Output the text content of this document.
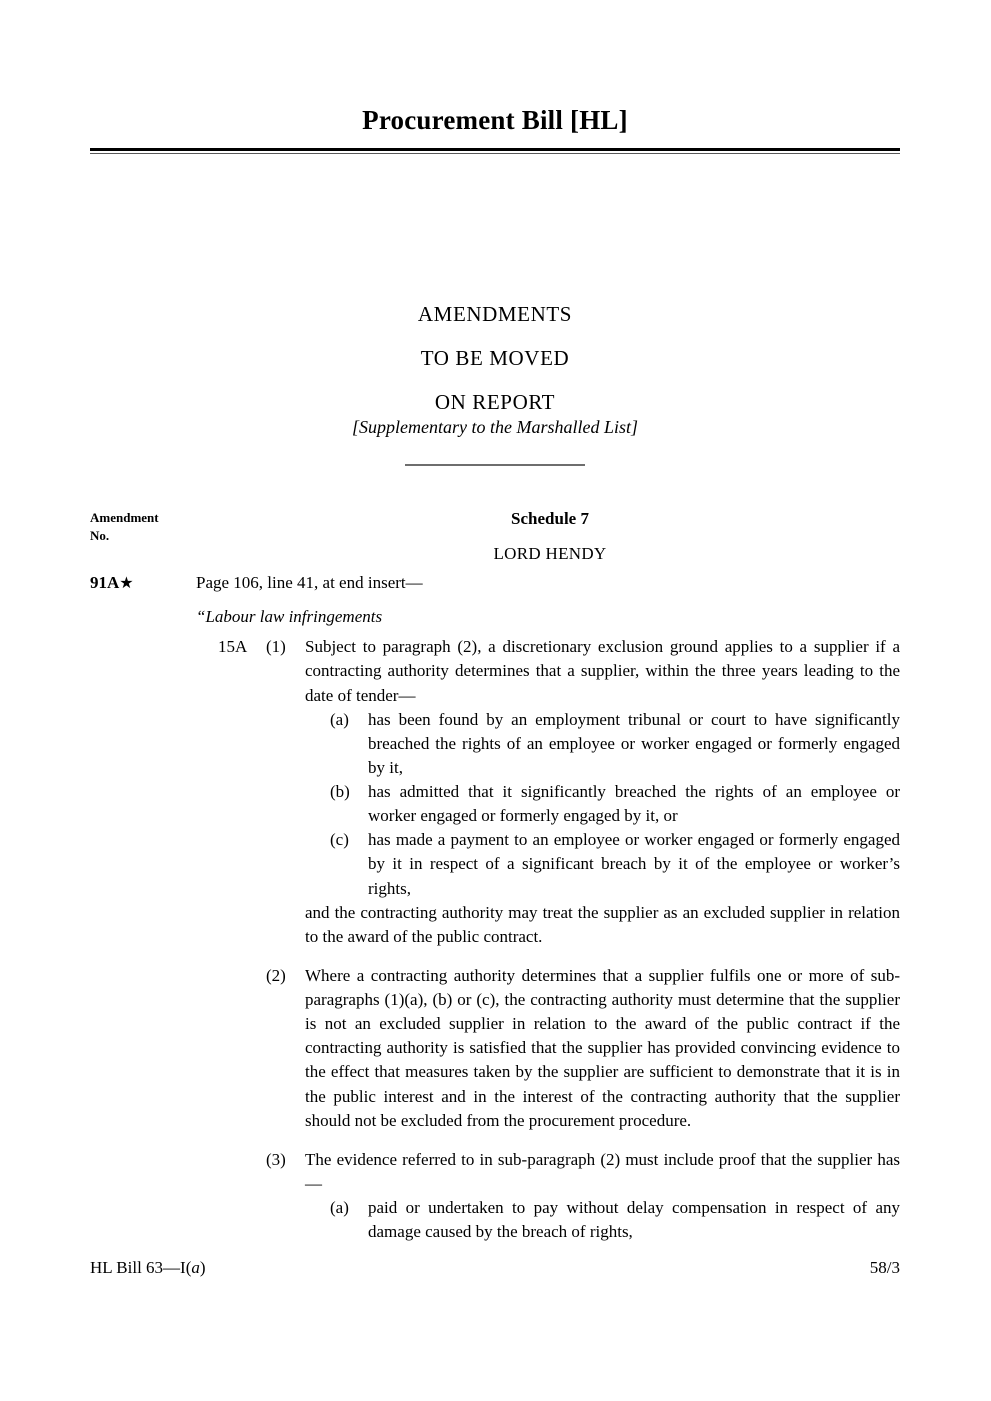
Procurement Bill [HL]
AMENDMENTS
TO BE MOVED
ON REPORT
[Supplementary to the Marshalled List]
Amendment
No.
Schedule 7
LORD HENDY
91A★	Page 106, line 41, at end insert—
“Labour law infringements
15A	(1)	Subject to paragraph (2), a discretionary exclusion ground applies to a supplier if a contracting authority determines that a supplier, within the three years leading to the date of tender—
(a)	has been found by an employment tribunal or court to have significantly breached the rights of an employee or worker engaged or formerly engaged by it,
(b)	has admitted that it significantly breached the rights of an employee or worker engaged or formerly engaged by it, or
(c)	has made a payment to an employee or worker engaged or formerly engaged by it in respect of a significant breach by it of the employee or worker’s rights,
and the contracting authority may treat the supplier as an excluded supplier in relation to the award of the public contract.
(2)	Where a contracting authority determines that a supplier fulfils one or more of sub-paragraphs (1)(a), (b) or (c), the contracting authority must determine that the supplier is not an excluded supplier in relation to the award of the public contract if the contracting authority is satisfied that the supplier has provided convincing evidence to the effect that measures taken by the supplier are sufficient to demonstrate that it is in the public interest and in the interest of the contracting authority that the supplier should not be excluded from the procurement procedure.
(3)	The evidence referred to in sub-paragraph (2) must include proof that the supplier has—
(a)	paid or undertaken to pay without delay compensation in respect of any damage caused by the breach of rights,
HL Bill 63—I(a)	58/3
